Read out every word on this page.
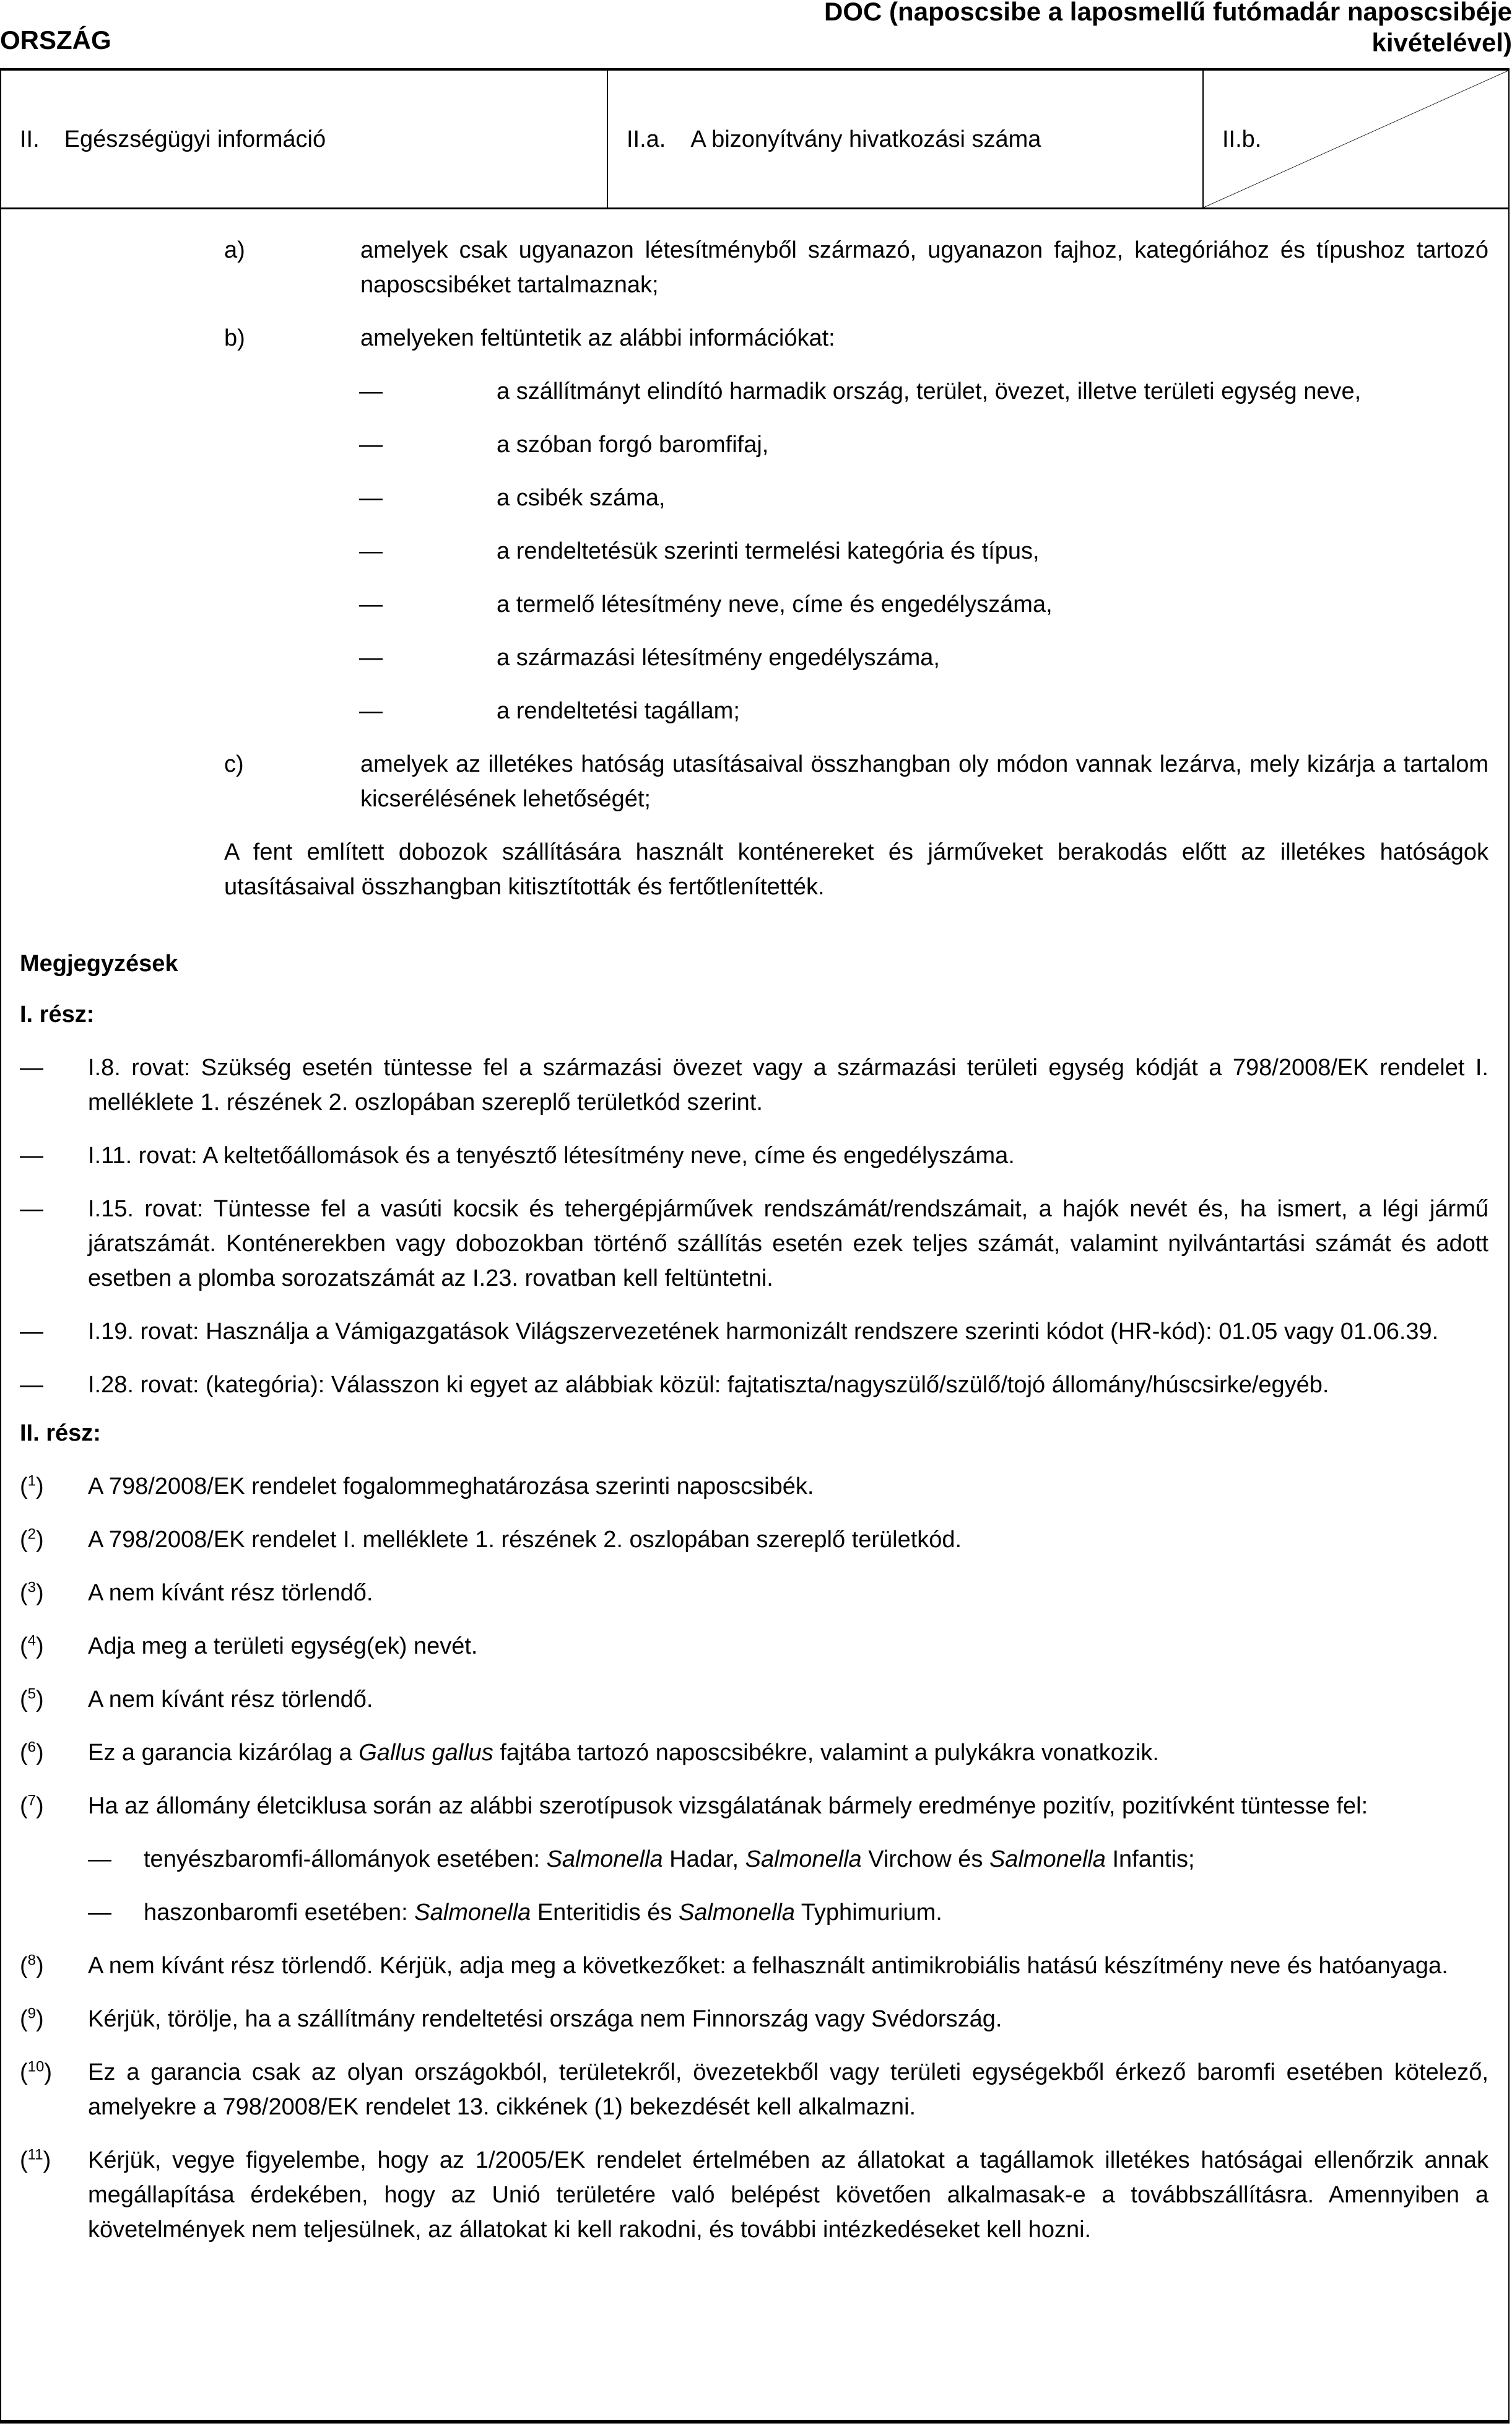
ORSZÁG
DOC (naposcsibe a laposmellű futómadár naposcsibéje kivételével)
II. Egészségügyi információ	II.a. A bizonyítvány hivatkozási száma	II.b.
a)	amelyek csak ugyanazon létesítményből származó, ugyanazon fajhoz, kategóriához és típushoz tartozó naposcsibéket tartalmaznak;
b)	amelyeken feltüntetik az alábbi információkat:
—	a szállítmányt elindító harmadik ország, terület, övezet, illetve területi egység neve,
—	a szóban forgó baromfifaj,
—	a csibék száma,
—	a rendeltetésük szerinti termelési kategória és típus,
—	a termelő létesítmény neve, címe és engedélyszáma,
—	a származási létesítmény engedélyszáma,
—	a rendeltetési tagállam;
c)	amelyek az illetékes hatóság utasításaival összhangban oly módon vannak lezárva, mely kizárja a tartalom kicserélésének lehetőségét;
A fent említett dobozok szállítására használt konténereket és járműveket berakodás előtt az illetékes hatóságok utasításaival összhangban kitisztították és fertőtlenítették.
Megjegyzések
I. rész:
—	I.8. rovat: Szükség esetén tüntesse fel a származási övezet vagy a származási területi egység kódját a 798/2008/EK rendelet I. melléklete 1. részének 2. oszlopában szereplő területkód szerint.
—	I.11. rovat: A keltetőállomások és a tenyésztő létesítmény neve, címe és engedélyszáma.
—	I.15. rovat: Tüntesse fel a vasúti kocsik és tehergépjárművek rendszámát/rendszámait, a hajók nevét és, ha ismert, a légi jármű járatszámát. Konténerekben vagy dobozokban történő szállítás esetén ezek teljes számát, valamint nyilvántartási számát és adott esetben a plomba sorozatszámát az I.23. rovatban kell feltüntetni.
—	I.19. rovat: Használja a Vámigazgatások Világszervezetének harmonizált rendszere szerinti kódot (HR-kód): 01.05 vagy 01.06.39.
—	I.28. rovat: (kategória): Válasszon ki egyet az alábbiak közül: fajtatiszta/nagyszülő/szülő/tojó állomány/húscsirke/egyéb.
II. rész:
($^1$)	A 798/2008/EK rendelet fogalommeghatározása szerinti naposcsibék.
($^2$)	A 798/2008/EK rendelet I. melléklete 1. részének 2. oszlopában szereplő területkód.
($^3$)	A nem kívánt rész törlendő.
($^4$)	Adja meg a területi egység(ek) nevét.
($^5$)	A nem kívánt rész törlendő.
($^6$)	Ez a garancia kizárólag a Gallus gallus fajtába tartozó naposcsibékre, valamint a pulykákra vonatkozik.
($^7$)	Ha az állomány életciklusa során az alábbi szerotípusok vizsgálatának bármely eredménye pozitív, pozitívként tüntesse fel:
—	tenyészbaromfi-állományok esetében: Salmonella Hadar, Salmonella Virchow és Salmonella Infantis;
—	haszonbaromfi esetében: Salmonella Enteritidis és Salmonella Typhimurium.
($^8$)	A nem kívánt rész törlendő. Kérjük, adja meg a következőket: a felhasznált antimikrobiális hatású készítmény neve és hatóanyaga.
($^9$)	Kérjük, törölje, ha a szállítmány rendeltetési országa nem Finnország vagy Svédország.
($^{10}$)	Ez a garancia csak az olyan országokból, területekről, övezetekből vagy területi egységekből érkező baromfi esetében kötelező, amelyekre a 798/2008/EK rendelet 13. cikkének (1) bekezdését kell alkalmazni.
($^{11}$)	Kérjük, vegye figyelembe, hogy az 1/2005/EK rendelet értelmében az állatokat a tagállamok illetékes hatóságai ellenőrzik annak megállapítása érdekében, hogy az Unió területére való belépést követően alkalmasak-e a továbbszállításra. Amennyiben a követelmények nem teljesülnek, az állatokat ki kell rakodni, és további intézkedéseket kell hozni.
